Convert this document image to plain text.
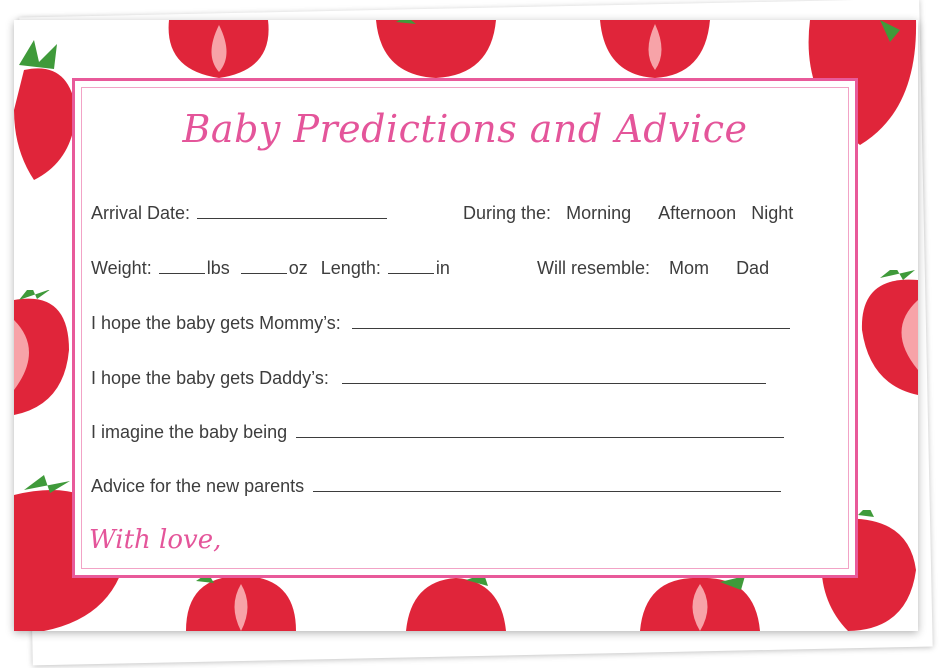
Baby Predictions and Advice
Arrival Date:	During the: Morning Afternoon Night
Weight:	lbs	oz Length:	in	Will resemble: Mom Dad
I hope the baby gets Mommy’s:
I hope the baby gets Daddy’s:
I imagine the baby being
Advice for the new parents
With love,
